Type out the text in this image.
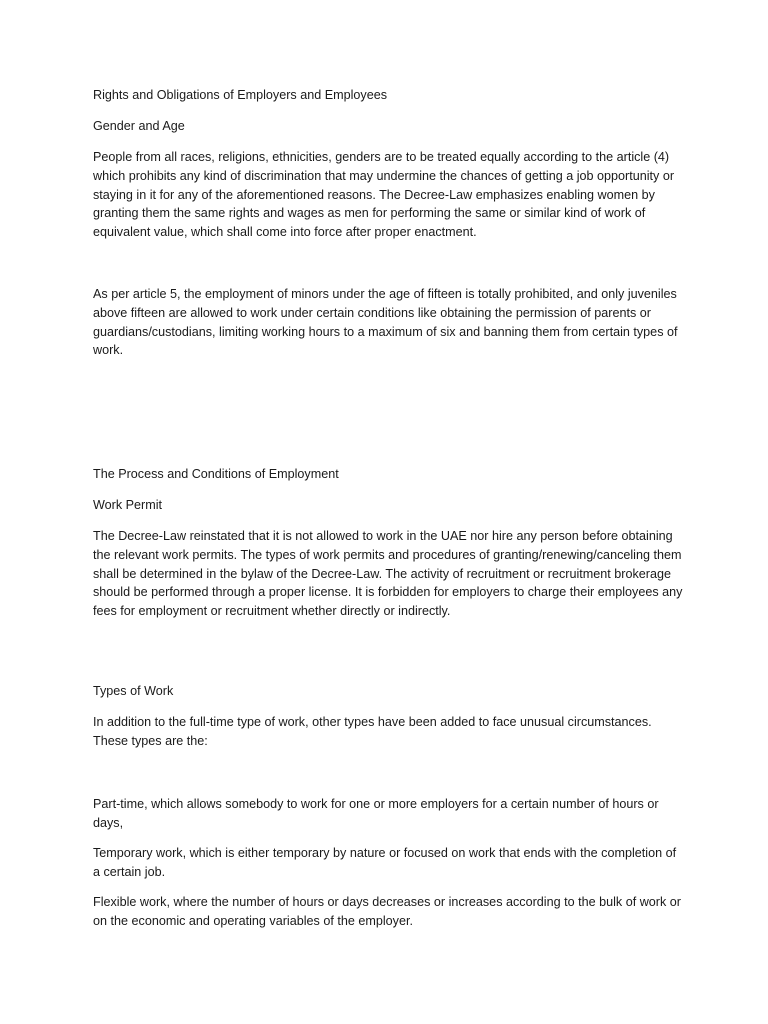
Rights and Obligations of Employers and Employees

Gender and Age

People from all races, religions, ethnicities, genders are to be treated equally according to the article (4) which prohibits any kind of discrimination that may undermine the chances of getting a job opportunity or staying in it for any of the aforementioned reasons. The Decree-Law emphasizes enabling women by granting them the same rights and wages as men for performing the same or similar kind of work of equivalent value, which shall come into force after proper enactment.

As per article 5, the employment of minors under the age of fifteen is totally prohibited, and only juveniles above fifteen are allowed to work under certain conditions like obtaining the permission of parents or guardians/custodians, limiting working hours to a maximum of six and banning them from certain types of work.

The Process and Conditions of Employment

Work Permit

The Decree-Law reinstated that it is not allowed to work in the UAE nor hire any person before obtaining the relevant work permits. The types of work permits and procedures of granting/renewing/canceling them shall be determined in the bylaw of the Decree-Law. The activity of recruitment or recruitment brokerage should be performed through a proper license. It is forbidden for employers to charge their employees any fees for employment or recruitment whether directly or indirectly.

Types of Work

In addition to the full-time type of work, other types have been added to face unusual circumstances. These types are the:

Part-time, which allows somebody to work for one or more employers for a certain number of hours or days,

Temporary work, which is either temporary by nature or focused on work that ends with the completion of a certain job.

Flexible work, where the number of hours or days decreases or increases according to the bulk of work or on the economic and operating variables of the employer.
